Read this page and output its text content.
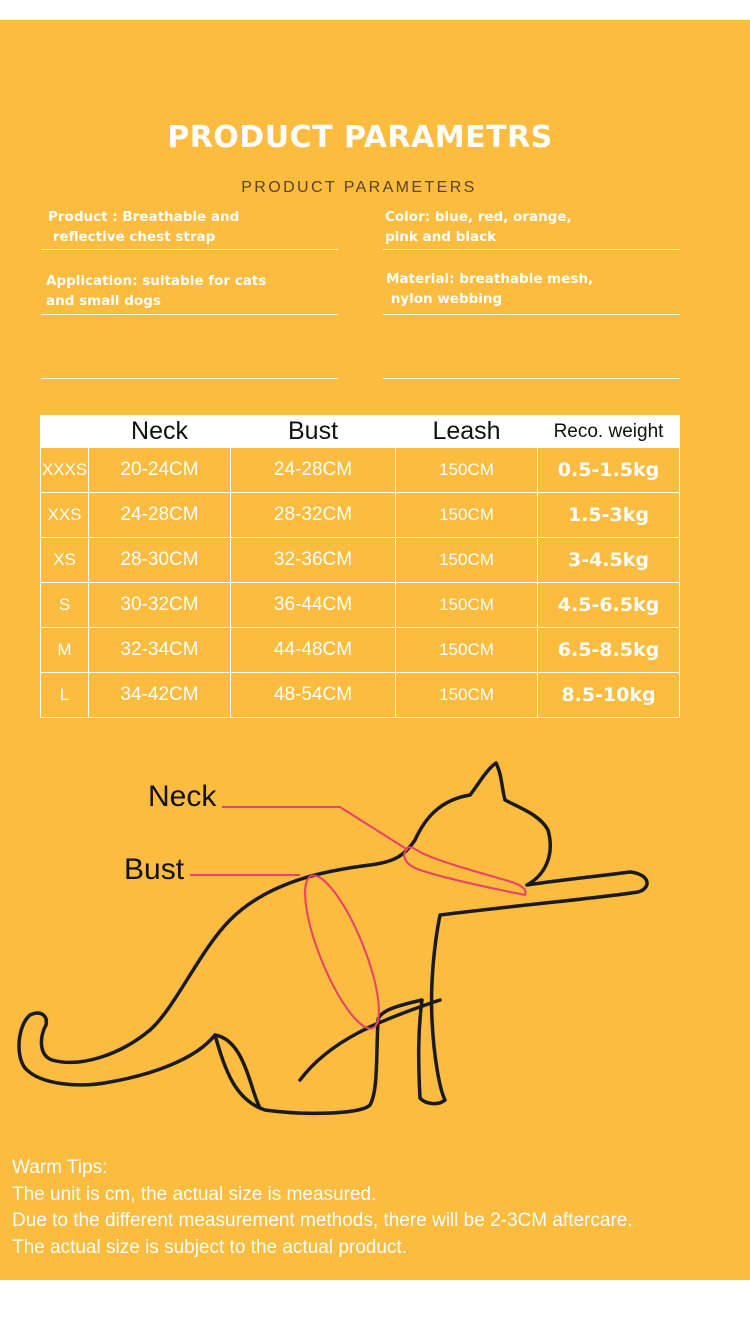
PRODUCT PARAMETRS
PRODUCT PARAMETERS
Product : Breathable and
reflective chest strap
Color: blue, red, orange,
pink and black
Application: suitable for cats
and small dogs
Material: breathable mesh,
nylon webbing
	Neck	Bust	Leash	Reco. weight
XXXS	20-24CM	24-28CM	150CM	0.5-1.5kg
XXS	24-28CM	28-32CM	150CM	1.5-3kg
XS	28-30CM	32-36CM	150CM	3-4.5kg
S	30-32CM	36-44CM	150CM	4.5-6.5kg
M	32-34CM	44-48CM	150CM	6.5-8.5kg
L	34-42CM	48-54CM	150CM	8.5-10kg
Neck
Bust
Warm Tips:
The unit is cm, the actual size is measured.
Due to the different measurement methods, there will be 2-3CM aftercare.
The actual size is subject to the actual product.
